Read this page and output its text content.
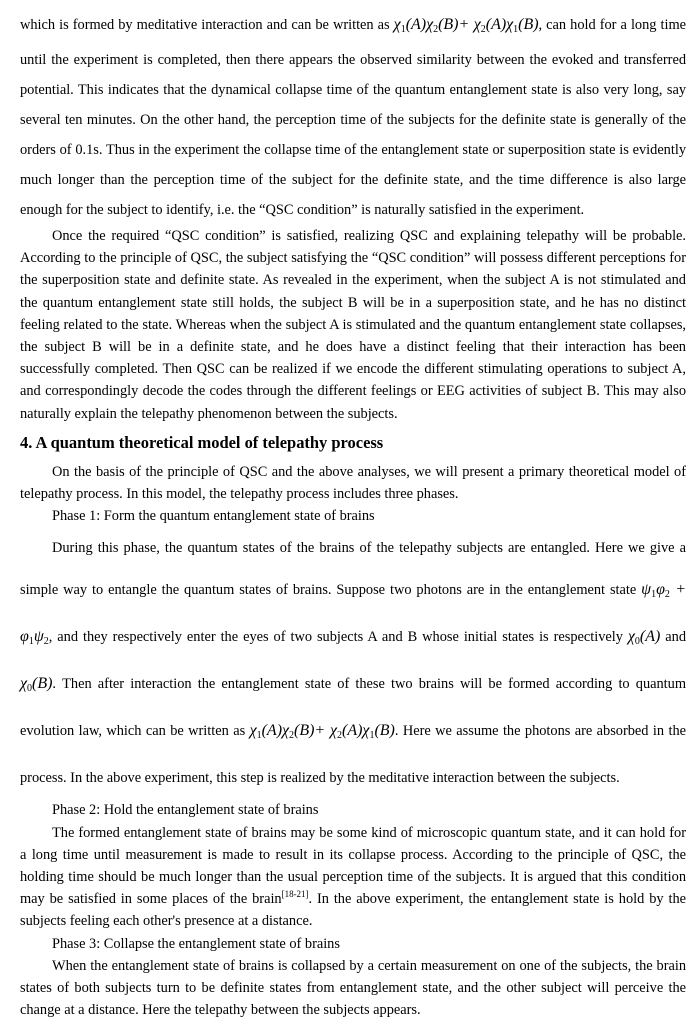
which is formed by meditative interaction and can be written as $\chi_1(A)\chi_2(B)+ \chi_2(A)\chi_1(B)$, can hold for a long time until the experiment is completed, then there appears the observed similarity between the evoked and transferred potential. This indicates that the dynamical collapse time of the quantum entanglement state is also very long, say several ten minutes. On the other hand, the perception time of the subjects for the definite state is generally of the orders of 0.1s. Thus in the experiment the collapse time of the entanglement state or superposition state is evidently much longer than the perception time of the subject for the definite state, and the time difference is also large enough for the subject to identify, i.e. the “QSC condition” is naturally satisfied in the experiment.

Once the required “QSC condition” is satisfied, realizing QSC and explaining telepathy will be probable. According to the principle of QSC, the subject satisfying the “QSC condition” will possess different perceptions for the superposition state and definite state. As revealed in the experiment, when the subject A is not stimulated and the quantum entanglement state still holds, the subject B will be in a superposition state, and he has no distinct feeling related to the state. Whereas when the subject A is stimulated and the quantum entanglement state collapses, the subject B will be in a definite state, and he does have a distinct feeling that their interaction has been successfully completed. Then QSC can be realized if we encode the different stimulating operations to subject A, and correspondingly decode the codes through the different feelings or EEG activities of subject B. This may also naturally explain the telepathy phenomenon between the subjects.

4. A quantum theoretical model of telepathy process

On the basis of the principle of QSC and the above analyses, we will present a primary theoretical model of telepathy process. In this model, the telepathy process includes three phases.

Phase 1: Form the quantum entanglement state of brains

During this phase, the quantum states of the brains of the telepathy subjects are entangled. Here we give a simple way to entangle the quantum states of brains. Suppose two photons are in the entanglement state $\psi_1\varphi_2 + \varphi_1\psi_2$, and they respectively enter the eyes of two subjects A and B whose initial states is respectively $\chi_0(A)$ and $\chi_0(B)$. Then after interaction the entanglement state of these two brains will be formed according to quantum evolution law, which can be written as $\chi_1(A)\chi_2(B)+ \chi_2(A)\chi_1(B)$. Here we assume the photons are absorbed in the process. In the above experiment, this step is realized by the meditative interaction between the subjects.

Phase 2: Hold the entanglement state of brains

The formed entanglement state of brains may be some kind of microscopic quantum state, and it can hold for a long time until measurement is made to result in its collapse process. According to the principle of QSC, the holding time should be much longer than the usual perception time of the subjects. It is argued that this condition may be satisfied in some places of the brain[18-21]. In the above experiment, the entanglement state is hold by the subjects feeling each other's presence at a distance.

Phase 3: Collapse the entanglement state of brains

When the entanglement state of brains is collapsed by a certain measurement on one of the subjects, the brain states of both subjects turn to be definite states from entanglement state, and the other subject will perceive the change at a distance. Here the telepathy between the subjects appears.
